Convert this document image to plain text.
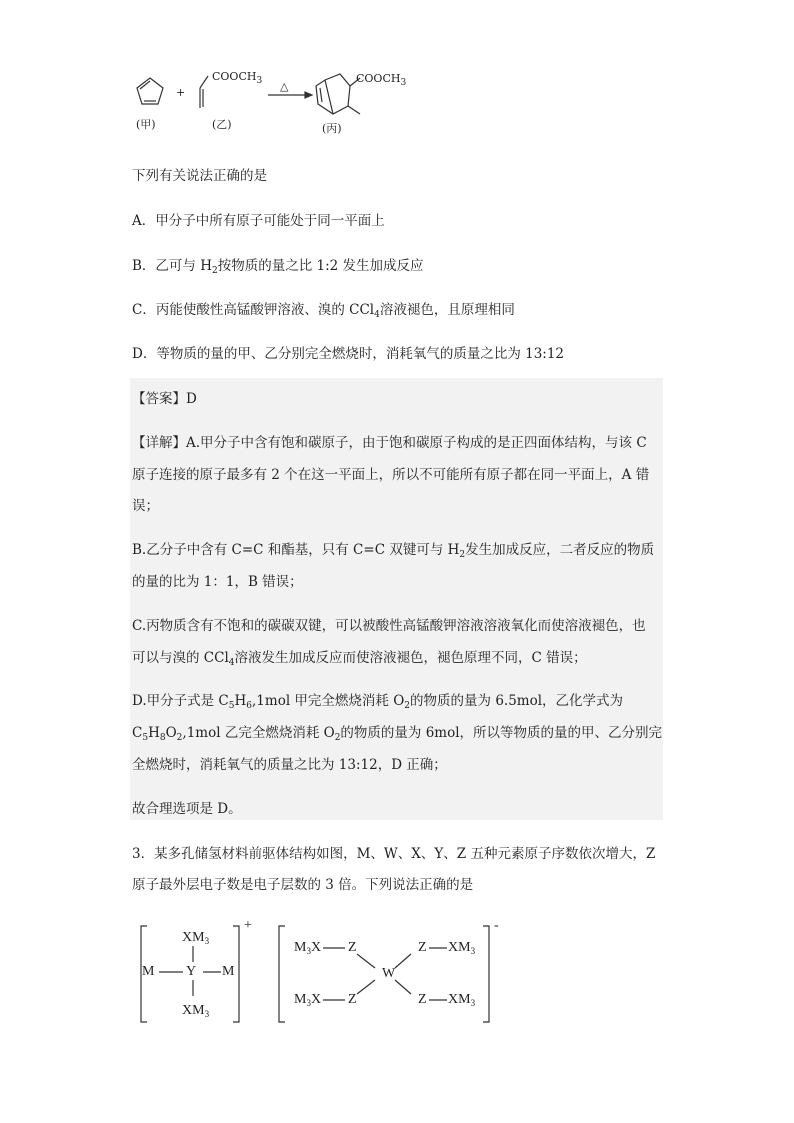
+	△
$COOCH_3$	$COOCH_3$
(甲)	(乙)	(丙)
下列有关说法正确的是
A．甲分子中所有原子可能处于同一平面上
B．乙可与 $H_2$按物质的量之比 1:2 发生加成反应
C．丙能使酸性高锰酸钾溶液、溴的 CCl$_4$溶液褪色，且原理相同
D．等物质的量的甲、乙分别完全燃烧时，消耗氧气的质量之比为 13:12
【答案】D
【详解】A.甲分子中含有饱和碳原子，由于饱和碳原子构成的是正四面体结构，与该 C
原子连接的原子最多有 2 个在这一平面上，所以不可能所有原子都在同一平面上，A 错
误；
B.乙分子中含有 C=C 和酯基，只有 C=C 双键可与 $H_2$发生加成反应，二者反应的物质
的量的比为 1：1，B 错误；
C.丙物质含有不饱和的碳碳双键，可以被酸性高锰酸钾溶液溶液氧化而使溶液褪色，也
可以与溴的 CCl$_4$溶液发生加成反应而使溶液褪色，褪色原理不同，C 错误；
D.甲分子式是 $C_5H_6,1mol$ 甲完全燃烧消耗 $O_2$的物质的量为 6.5mol，乙化学式为
$C_5H_8O_2,1mol$ 乙完全燃烧消耗 $O_2$的物质的量为 6mol，所以等物质的量的甲、乙分别完
全燃烧时，消耗氧气的质量之比为 13:12，D 正确；
故合理选项是 D。
3．某多孔储氢材料前驱体结构如图，M、W、X、Y、Z 五种元素原子序数依次增大，Z
原子最外层电子数是电子层数的 3 倍。下列说法正确的是
$XM_3$
M Y M
$XM_3$
+
$M_3X$ Z
W
Z $XM_3$
$M_3X$ Z	Z $XM_3$
-
